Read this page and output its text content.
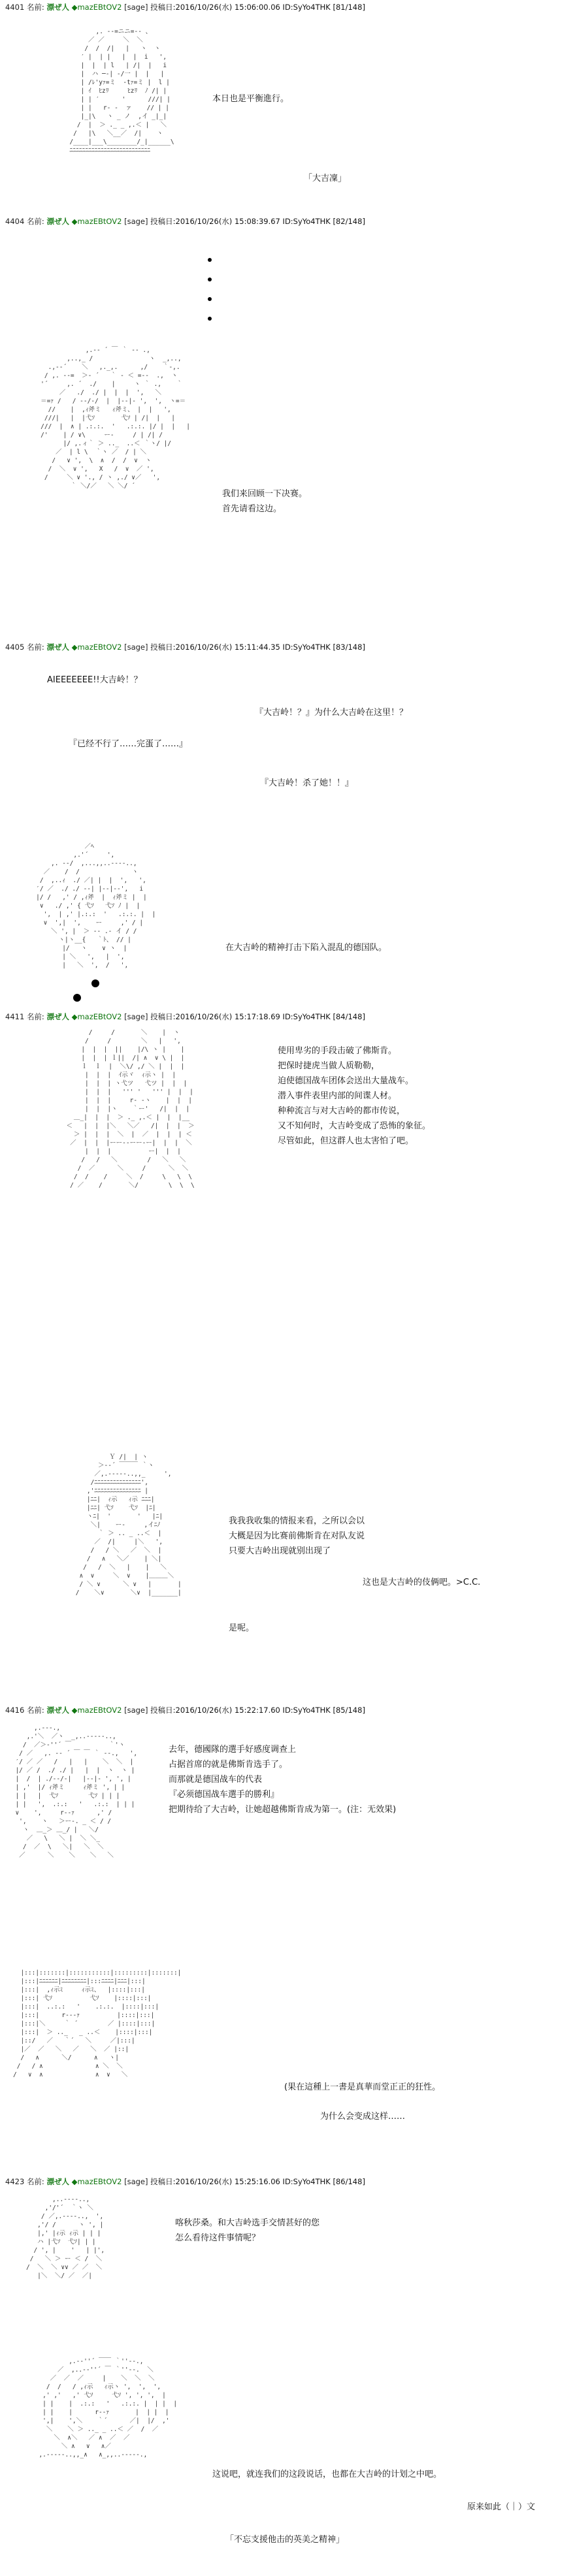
4401 名前: 漂ぜ人 ◆mazEBtOV2 [sage] 投稿日:2016/10/26(水) 15:06:00.06 ID:SyYo4THK [81/148]
,. -‐=ニニ=‐- 、
／ ／     ＼  ＼
/  /  /|   |   ヽ  ヽ
′ |  | |   |  |  i   ',
|  |  | l   | /|  |   i
|  ハ ─‐| ‐/一 |  |   |
| /ﾚ'yｧ=ミ  ‐tｧ=ミ |  l |
| ｲ  ﾋzﾘ     ﾋzﾘ  ﾉ /| |
| | ′      '      ///| |
| |   r‐ -  ァ    // | |
|_|\   ヽ _ ノ  ,イ _|_|
/  |  ＞ ._ _ ,.＜ |   ＼
/   |\   ＼__／  /|    ヽ
/____|___\________/_|______\
ﾆﾆﾆﾆﾆﾆﾆﾆﾆﾆﾆﾆﾆﾆﾆﾆﾆﾆﾆﾆﾆﾆﾆﾆﾆﾆ
本日也是平衡進行。
「大吉凜」
4404 名前: 漂ぜ人 ◆mazEBtOV2 [sage] 投稿日:2016/10/26(水) 15:08:39.67 ID:SyYo4THK [82/148]
,.-‐ ´ ￣ ｀ ‐- .,
,..,_ /               ヽ  _,..,
.,-‐´    ＼   ,._,.      ,/    ｀‐,.
/ ,. -‐=  ＞‐ ´   ｀ ‐ ＜ =‐-  .,  ヽ
'´     ,. ´  ./    |     ヽ ｀ .,    ｀
／   ./  ./ |  |  |  ',   ＼
＝=ｧ /   / -‐/-/  |  |‐-|- ',  ',  ヽ=＝
//    |  ,ｨ斧ミ   ｨ斧ミ、 |  |   ',
///|   |  |弋ｿ       弋ｿ | /|  |   |
///  |  ∧ | .:.:.  '   .:.:. |/ |  |   |
/'    | / ∨\     ー‐     / | /| /
|/ ,.ィ｀ ＞ .._  ..＜ ｀ヽ/ |/
／  | l \  ｀ヽ ／  / | ＼
/   ∨ ',  \  ∧  /  /  ∨  ヽ
/  ＼  ∨ ',   Χ   /  ∨  ／ ',
/     ＼ ∨ '., / ヽ ,./ ∨／   ',
｀ ＼/／   ＼ ＼/ ´
我们来回顾一下决赛。
首先请看这边。
4405 名前: 漂ぜ人 ◆mazEBtOV2 [sage] 投稿日:2016/10/26(水) 15:11:44.35 ID:SyYo4THK [83/148]
AIEEEEEEE!!大吉岭！？
『大吉岭！？』为什么大吉岭在这里！？
『已经不行了……完蛋了……』
『大吉岭！杀了她！！』
／ﾍ
,.'´     ',
,. ‐‐/  ,...,,..-‐‐-..,
／    /  /              ヽ
/  ,..ｨ  ./ ／| |  |  ',   ',
′/ ／  ./ ./ -‐| |-‐|‐‐',   i
|/ /   ,' / ,ｨ斧  |  ｨ斧ミ |  |
∨   ./ ,' { 弋ｿ   弋ｿ ﾉ |  |
',  | ,' |.:.:  '   .:.:. |  |
∨  ',|  ',    ー     ,' / |
＼ ', |  ＞ ‐- .‐ イ / /
ヽ|ヽ__{   ｀ﾄ、 // |
|/   ヽ    ∨ ヽ  |
| ＼   ',   |  ',
|   ＼  ',  /   ',
在大吉岭的精神打击下陷入混乱的德国队。
4411 名前: 漂ぜ人 ◆mazEBtOV2 [sage] 投稿日:2016/10/26(水) 15:17:18.69 ID:SyYo4THK [84/148]
/     /       ＼    |  ヽ
/     /        ＼   |   ',
|  |  |  ||    |/\ ヽ |    |
|  |  | ｌ||  /| ∧  ∨ \ |  |
ｌ  ｌ  |  ＼\/ ,/ ＼ |  |  |
|  |  |  ｲ示ヾ  ｨ示ヽ |  |
|  |  | ヽ弋ツ   弋ツ |  |  |
|  |  |   ''' '   ''' |  |  |
|  |  |     r‐ -ヽ    |  |  |
|  |  |ヽ    ｀ー'   /|  |  |
＿_|  |  |  ＞ ._ ,.＜ |  |  |__
＜   |  |  |＼   ＼／   /|  |  |  ＞
＞ |  |  |  ＼  |  ／  |  |  | ＜
／  |  |  |ーー‐‐ーー‐ー|  |  |  ＼
|  |  |          ー|  |  |
/   /   ＼        /   ＼   ＼
/  ／      ＼     /      ＼  ＼
/  /    /     ＼  /     \   \  \
/ ／    /       ＼/        \  \  \
使用卑劣的手段击破了佛斯肯。
把保时捷虎当做人质勒勒，
迫使德国战车团体会送出大量战车。
潜入事件表里内部的间谍人材。
种种流言与对大吉岭的都市传说，
又不知何时，大吉岭变成了恐怖的象征。
尽管如此，但这群人也太害怕了吧。
Ｙ /|  | ヽ
＞-‐´ ￣￣￣ ｀ヽ
／,.-‐‐‐-..,,_     ',
/ﾆﾆﾆﾆﾆﾆﾆﾆﾆﾆﾆﾆﾆﾆﾆ',
,'ﾆﾆﾆﾆﾆﾆﾆﾆﾆﾆﾆﾆﾆﾆﾆ |
|ﾆﾆ|  ｨ示   ｨ示 ﾆﾆﾆ|
|ﾆﾆ| 弋ｿ    弋ｿ  |ﾆ|
ヽﾆ|  '       '   |ﾆ|
＼|    ー‐     ,イﾆﾉ
｀ ＞ .. _ ..＜  |
／  /|     |＼   ',
/   / ＼   ／  ＼  |
/   ∧   ＼／    | ＼|
/   /  ＼   |    |   ＼
∧  ∨     ＼  ∨    |＿＿＿＼
/ ＼ ∨      ＼ ∨   |       |
/    ＼∨       ＼∨  |_______|
我我我收集的情报来看，之所以会以
大概是因为比赛前佛斯肯在对队友说
只要大吉岭出现就别出现了
这也是大吉岭的伎俩吧。>C.C.
是呢。
4416 名前: 漂ぜ人 ◆mazEBtOV2 [sage] 投稿日:2016/10/26(水) 15:22:17.60 ID:SyYo4THK [85/148]
,.-‐-.,
,.'＼  ／ヽ  _,..-‐‐‐-..,
/  ／＞‐''´ ￣          ｀'ヽ
/ ／   ,. -‐ ´ ￣ ￣ ｀ ‐-.,   ',
′/ ／ ／   /   |   |    ＼  ＼  |
|/ ／ /  ./ ./ |   |  |  ヽ  ヽ |
|  /  | ./‐-/‐|   |‐-|‐ ', ', |
| ,'  |/ ｨ斧ミ     ｨ斧ミ ', | |
| |   |  弋ｿ        弋ｿ | | |
| |   ',  .:.:   '   .:.:  | | |
∨    ',     r‐‐ｧ      ,' /
',    ヽ   ＞ー-. _ ＜ / /
ヽ  ＿_＞ ＿_/ |   ＼/
／   \   ＼ |  ＼ ＼_
/  ／  \   ＼|   ＼  ＼
／      ＼    ＼    ＼   ＼
去年，德國隊的選手好感度调查上
占据首席的就是佛斯肯选手了。
而那就是德国战车的代表
『必须德国战车選手的勝利』
把期待给了大吉岭，让她超越佛斯肯成为第一。(注：无效果)
|:::|:::::::|:::::::::::|:::::::::|:::::::|
|:::|ﾆﾆﾆﾆﾆﾆ|ﾆﾆﾆﾆﾆﾆﾆﾆ|:::ﾆﾆﾆﾆ|ﾆﾆﾆ|:::|
|:::|  ,ｨ示ﾐ     ｨ示ﾐ、  |::::|:::|
|:::| 弋ｿ          弋ｿ    |::::|:::|
|:::|  ..:.:   '    .:.:.  |::::|:::|
|:::|      r‐-‐ｧ          |::::|:::|
|:::|＼     ｀ ´        ／ |::::|:::|
|:::|  ＞ .._   _ ..＜    |::::|:::|
|::/   ／   ｀´   ＼     ／|:::|
|／  ／   ＼   ／   ＼  ／ |::|
/   ∧      ＼/      ∧   ヽ|
/   / ∧              ∧ ＼  ＼
/   ∨  ∧              ∧  ∨   ＼
(果在這種上一書是真華而堂正正的狂性。
为什么会变成这样……
4423 名前: 漂ぜ人 ◆mazEBtOV2 [sage] 投稿日:2016/10/26(水) 15:25:16.06 ID:SyYo4THK [86/148]
,..-‐--..,
,'/'´  ｀ヽ ＼
/ ／,.-‐‐-..,  ',
,'/ /      ヽ ', |
|,' |ｨ示 ｨ示 | | |
ハ |弋ｿ  弋ｿ| | |
/ ', |    '   | |',
/   ＼ ＞ ー ＜ /  ＼
/  ＼  ＼ ∨∨ ／ ／  ＼
|＼  ＼/ ／  ／|
喀秋莎桑。和大吉岭选手交情甚好的您
怎么看待这件事情呢？
,.-‐''´ ￣￣ ｀''‐-.,
／  ,..-‐''´ ￣ ｀''‐-.  ＼
／  ／  ／     |    ＼  ＼  ＼
/  /   / ,ｨ示   ｨ示ヽ ',  ',  ',
,' ,'   ,' 弋ｿ     弋ｿ ', ', ',  |
| |    |  .:.:   '   .:.:. |  | |  |
| |    |      r‐‐ｧ       |  | |  |
',|    ',＼    ｀´      ／|  |/  ,'
＼    ＼ ＞ .._ _ ..＜ ／  /  ／
＼  ∧＼   ／ ∧  ／  ／
＼ ∧   ∨   ∧／
,.-‐‐--..,,_∧   ∧_,,..--‐‐-.,
这说吧，就连我们的这段说话，也都在大吉岭的计划之中吧。
原来如此（｜）文
「不忘支援他击的英美之精神」
